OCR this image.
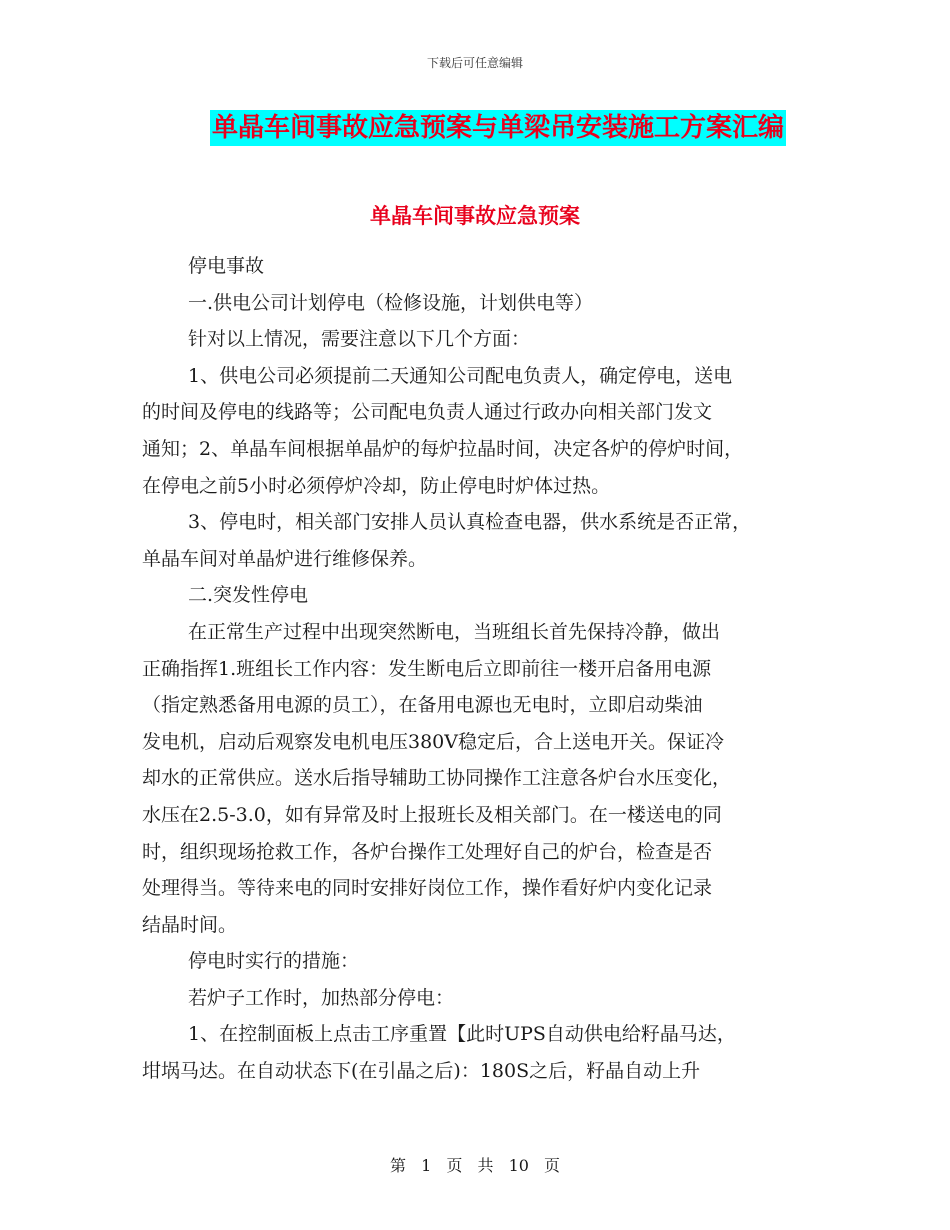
下载后可任意编辑
单晶车间事故应急预案与单梁吊安装施工方案汇编
单晶车间事故应急预案

停电事故

一.供电公司计划停电（检修设施，计划供电等）

针对以上情况，需要注意以下几个方面：

1、供电公司必须提前二天通知公司配电负责人，确定停电，送电

的时间及停电的线路等；公司配电负责人通过行政办向相关部门发文

通知；2、单晶车间根据单晶炉的每炉拉晶时间，决定各炉的停炉时间，

在停电之前5小时必须停炉冷却，防止停电时炉体过热。

3、停电时，相关部门安排人员认真检查电器，供水系统是否正常，

单晶车间对单晶炉进行维修保养。

二.突发性停电

在正常生产过程中出现突然断电，当班组长首先保持冷静，做出

正确指挥1.班组长工作内容：发生断电后立即前往一楼开启备用电源

（指定熟悉备用电源的员工），在备用电源也无电时，立即启动柴油

发电机，启动后观察发电机电压380V稳定后，合上送电开关。保证冷

却水的正常供应。送水后指导辅助工协同操作工注意各炉台水压变化，

水压在2.5-3.0，如有异常及时上报班长及相关部门。在一楼送电的同

时，组织现场抢救工作，各炉台操作工处理好自己的炉台，检查是否

处理得当。等待来电的同时安排好岗位工作，操作看好炉内变化记录

结晶时间。

停电时实行的措施：

若炉子工作时，加热部分停电：

1、在控制面板上点击工序重置【此时UPS自动供电给籽晶马达，

坩埚马达。在自动状态下(在引晶之后)：180S之后，籽晶自动上升

第 1 页 共 10 页
